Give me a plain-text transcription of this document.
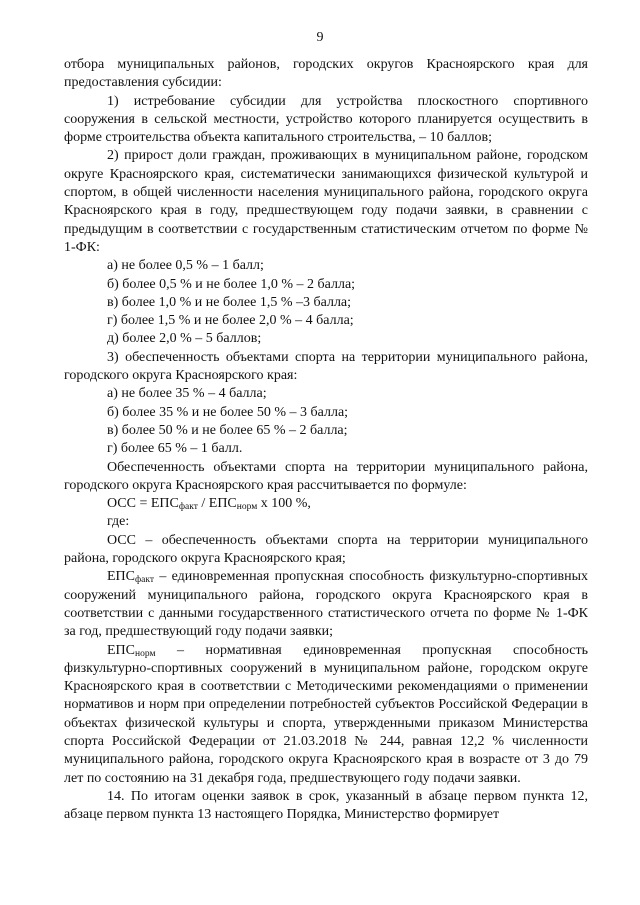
9

отбора муниципальных районов, городских округов Красноярского края для предоставления субсидии:

1) истребование субсидии для устройства плоскостного спортивного сооружения в сельской местности, устройство которого планируется осуществить в форме строительства объекта капитального строительства, – 10 баллов;

2) прирост доли граждан, проживающих в муниципальном районе, городском округе Красноярского края, систематически занимающихся физической культурой и спортом, в общей численности населения муниципального района, городского округа Красноярского края в году, предшествующем году подачи заявки, в сравнении с предыдущим в соответствии с государственным статистическим отчетом по форме № 1-ФК:

а) не более 0,5 % – 1 балл;

б) более 0,5 % и не более 1,0 % – 2 балла;

в) более 1,0 % и не более 1,5 % –3 балла;

г) более 1,5 % и не более 2,0 % – 4 балла;

д) более 2,0 % – 5 баллов;

3) обеспеченность объектами спорта на территории муниципального района, городского округа Красноярского края:

а) не более 35 % – 4 балла;

б) более 35 % и не более 50 % – 3 балла;

в) более 50 % и не более 65 % – 2 балла;

г) более 65 % – 1 балл.

Обеспеченность объектами спорта на территории муниципального района, городского округа Красноярского края рассчитывается по формуле:

ОСС = $ЕПС_{факт} / ЕПС_{норм}$ х 100 %,

где:

ОСС – обеспеченность объектами спорта на территории муниципального района, городского округа Красноярского края;

$ЕПС_{факт}$ – единовременная пропускная способность физкультурно-спортивных сооружений муниципального района, городского округа Красноярского края в соответствии с данными государственного статистического отчета по форме № 1-ФК за год, предшествующий году подачи заявки;

$ЕПС_{норм}$ – нормативная единовременная пропускная способность физкультурно-спортивных сооружений в муниципальном районе, городском округе Красноярского края в соответствии с Методическими рекомендациями о применении нормативов и норм при определении потребностей субъектов Российской Федерации в объектах физической культуры и спорта, утвержденными приказом Министерства спорта Российской Федерации от 21.03.2018 № 244, равная 12,2 % численности муниципального района, городского округа Красноярского края в возрасте от 3 до 79 лет по состоянию на 31 декабря года, предшествующего году подачи заявки.

14. По итогам оценки заявок в срок, указанный в абзаце первом пункта 12, абзаце первом пункта 13 настоящего Порядка, Министерство формирует
